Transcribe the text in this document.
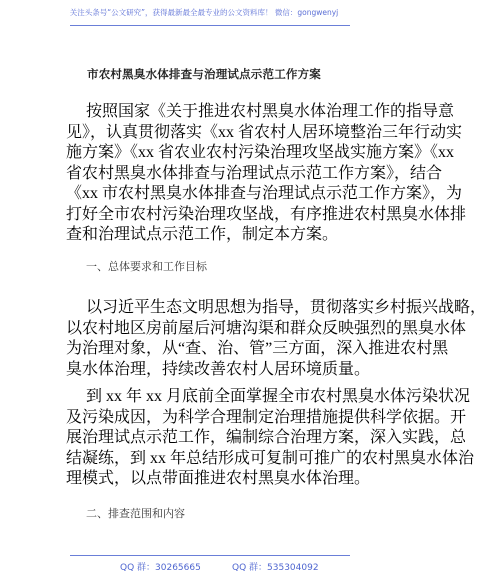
关注头条号“公文研究”，获得最新最全最专业的公文资料库！ 微信：gongwenyj
市农村黑臭水体排查与治理试点示范工作方案
按照国家《关于推进农村黑臭水体治理工作的指导意
见》，认真贯彻落实《xx 省农村人居环境整治三年行动实
施方案》《xx 省农业农村污染治理攻坚战实施方案》《xx
省农村黑臭水体排查与治理试点示范工作方案》，结合
《xx 市农村黑臭水体排查与治理试点示范工作方案》，为
打好全市农村污染治理攻坚战，有序推进农村黑臭水体排
查和治理试点示范工作，制定本方案。
一、总体要求和工作目标
以习近平生态文明思想为指导，贯彻落实乡村振兴战略，
以农村地区房前屋后河塘沟渠和群众反映强烈的黑臭水体
为治理对象，从“查、治、管”三方面，深入推进农村黑
臭水体治理，持续改善农村人居环境质量。
到 xx 年 xx 月底前全面掌握全市农村黑臭水体污染状况
及污染成因，为科学合理制定治理措施提供科学依据。开
展治理试点示范工作，编制综合治理方案，深入实践，总
结凝练，到 xx 年总结形成可复制可推广的农村黑臭水体治
理模式，以点带面推进农村黑臭水体治理。
二、排查范围和内容
QQ 群：30265665	QQ 群：535304092
